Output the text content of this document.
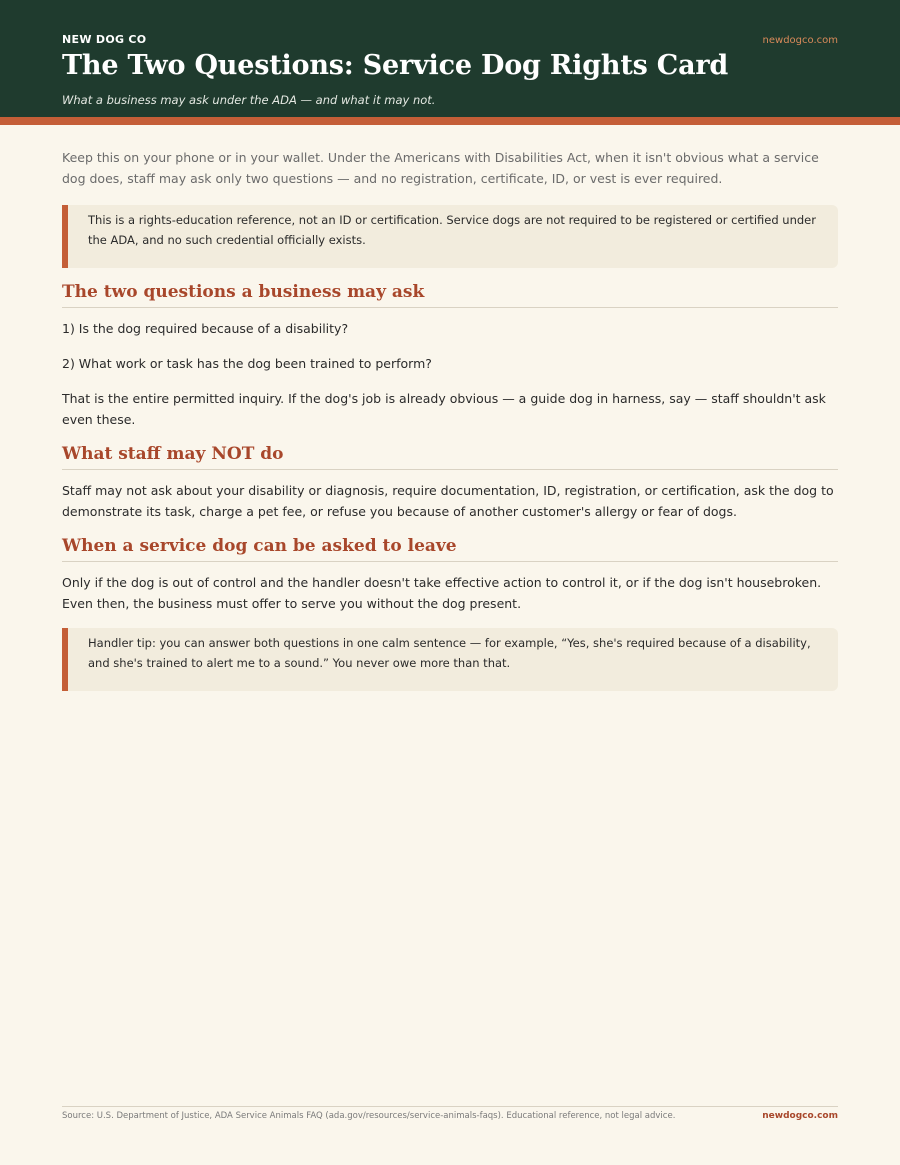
NEW DOG CO	newdogco.com
The Two Questions: Service Dog Rights Card
What a business may ask under the ADA — and what it may not.

Keep this on your phone or in your wallet. Under the Americans with Disabilities Act, when it isn't obvious what a service dog does, staff may ask only two questions — and no registration, certificate, ID, or vest is ever required.

This is a rights-education reference, not an ID or certification. Service dogs are not required to be registered or certified under the ADA, and no such credential officially exists.
The two questions a business may ask

1) Is the dog required because of a disability?

2) What work or task has the dog been trained to perform?

That is the entire permitted inquiry. If the dog's job is already obvious — a guide dog in harness, say — staff shouldn't ask even these.

What staff may NOT do

Staff may not ask about your disability or diagnosis, require documentation, ID, registration, or certification, ask the dog to demonstrate its task, charge a pet fee, or refuse you because of another customer's allergy or fear of dogs.

When a service dog can be asked to leave

Only if the dog is out of control and the handler doesn't take effective action to control it, or if the dog isn't housebroken. Even then, the business must offer to serve you without the dog present.

Handler tip: you can answer both questions in one calm sentence — for example, “Yes, she's required because of a disability, and she's trained to alert me to a sound.” You never owe more than that.
Source: U.S. Department of Justice, ADA Service Animals FAQ (ada.gov/resources/service-animals-faqs). Educational reference, not legal advice.	newdogco.com
